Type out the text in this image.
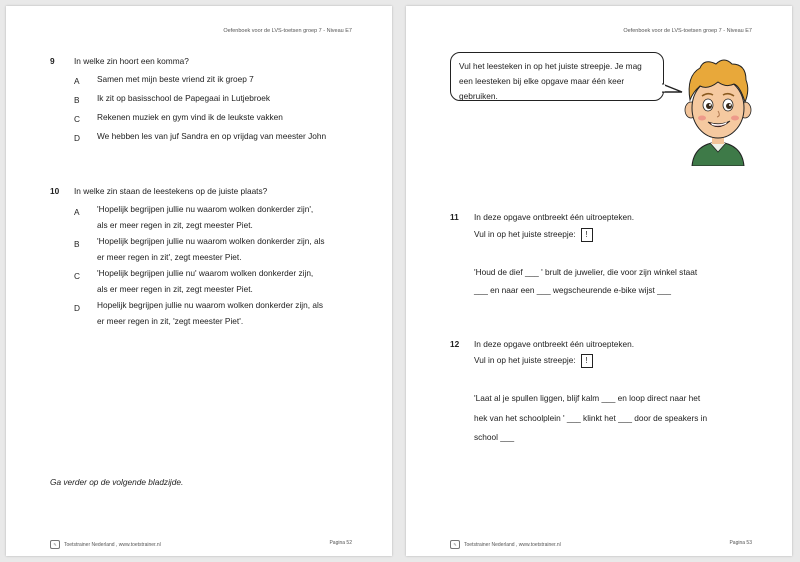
Oefenboek voor de LVS-toetsen groep 7 - Niveau E7
9 In welke zin hoort een komma?
A Samen met mijn beste vriend zit ik groep 7
B Ik zit op basisschool de Papegaai in Lutjebroek
C Rekenen muziek en gym vind ik de leukste vakken
D We hebben les van juf Sandra en op vrijdag van meester John
10 In welke zin staan de leestekens op de juiste plaats?
A 'Hopelijk begrijpen jullie nu waarom wolken donkerder zijn',
als er meer regen in zit, zegt meester Piet.
B 'Hopelijk begrijpen jullie nu waarom wolken donkerder zijn, als
er meer regen in zit', zegt meester Piet.
C 'Hopelijk begrijpen jullie nu' waarom wolken donkerder zijn,
als er meer regen in zit, zegt meester Piet.
D Hopelijk begrijpen jullie nu waarom wolken donkerder zijn, als
er meer regen in zit, 'zegt meester Piet'.
Ga verder op de volgende bladzijde.
✎	Toetstrainer Nederland , www.toetstrainer.nl	Pagina 52
Oefenboek voor de LVS-toetsen groep 7 - Niveau E7
Vul het leesteken in op het juiste streepje. Je mag
een leesteken bij elke opgave maar één keer
gebruiken.
11 In deze opgave ontbreekt één uitroepteken.
Vul in op het juiste streepje: !
'Houd de dief ___ ' brult de juwelier, die voor zijn winkel staat
___ en naar een ___ wegscheurende e-bike wijst ___
12 In deze opgave ontbreekt één uitroepteken.
Vul in op het juiste streepje: !
'Laat al je spullen liggen, blijf kalm ___ en loop direct naar het
hek van het schoolplein ' ___ klinkt het ___ door de speakers in
school ___
✎	Toetstrainer Nederland , www.toetstrainer.nl	Pagina 53
